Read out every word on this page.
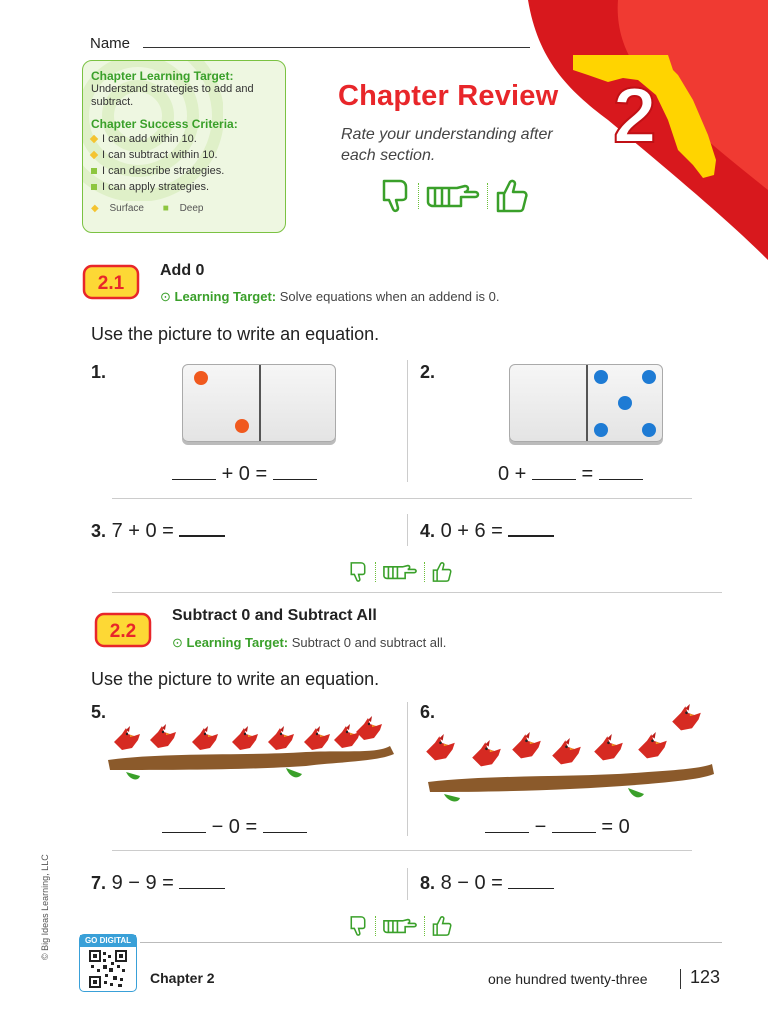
2
Name
Chapter Learning Target:
Understand strategies to add and subtract.
Chapter Success Criteria:
I can add within 10.
I can subtract within 10.
I can describe strategies.
I can apply strategies.
◆ Surface ■ Deep
Chapter Review
Rate your understanding after each section.
2.1
Add 0
⊙ Learning Target: Solve equations when an addend is 0.
Use the picture to write an equation.
1.
+ 0 =
2.
0 +	=
3. 7 + 0 =	4. 0 + 6 =
2.2
Subtract 0 and Subtract All
⊙ Learning Target: Subtract 0 and subtract all.
Use the picture to write an equation.
5.
− 0 =
6.
−	= 0
7. 9 − 9 =	8. 8 − 0 =
© Big Ideas Learning, LLC	GO DIGITAL
Chapter 2	one hundred twenty-three 123
